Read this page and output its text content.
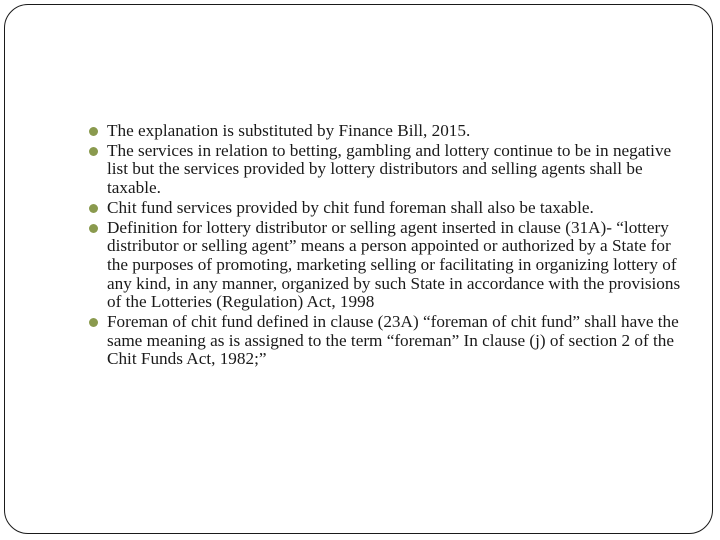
The explanation is substituted by Finance Bill, 2015.
The services in relation to betting, gambling and lottery continue to be in negative list but the services provided by lottery distributors and selling agents shall be taxable.
Chit fund services provided by chit fund foreman shall also be taxable.
Definition for lottery distributor or selling agent inserted in clause (31A)- “lottery distributor or selling agent” means a person appointed or authorized by a State for the purposes of promoting, marketing selling or facilitating in organizing lottery of any kind, in any manner, organized by such State in accordance with the provisions of the Lotteries (Regulation) Act, 1998
Foreman of chit fund defined in clause (23A) “foreman of chit fund” shall have the same meaning as is assigned to the term “foreman” In clause (j) of section 2 of the Chit Funds Act, 1982;”
